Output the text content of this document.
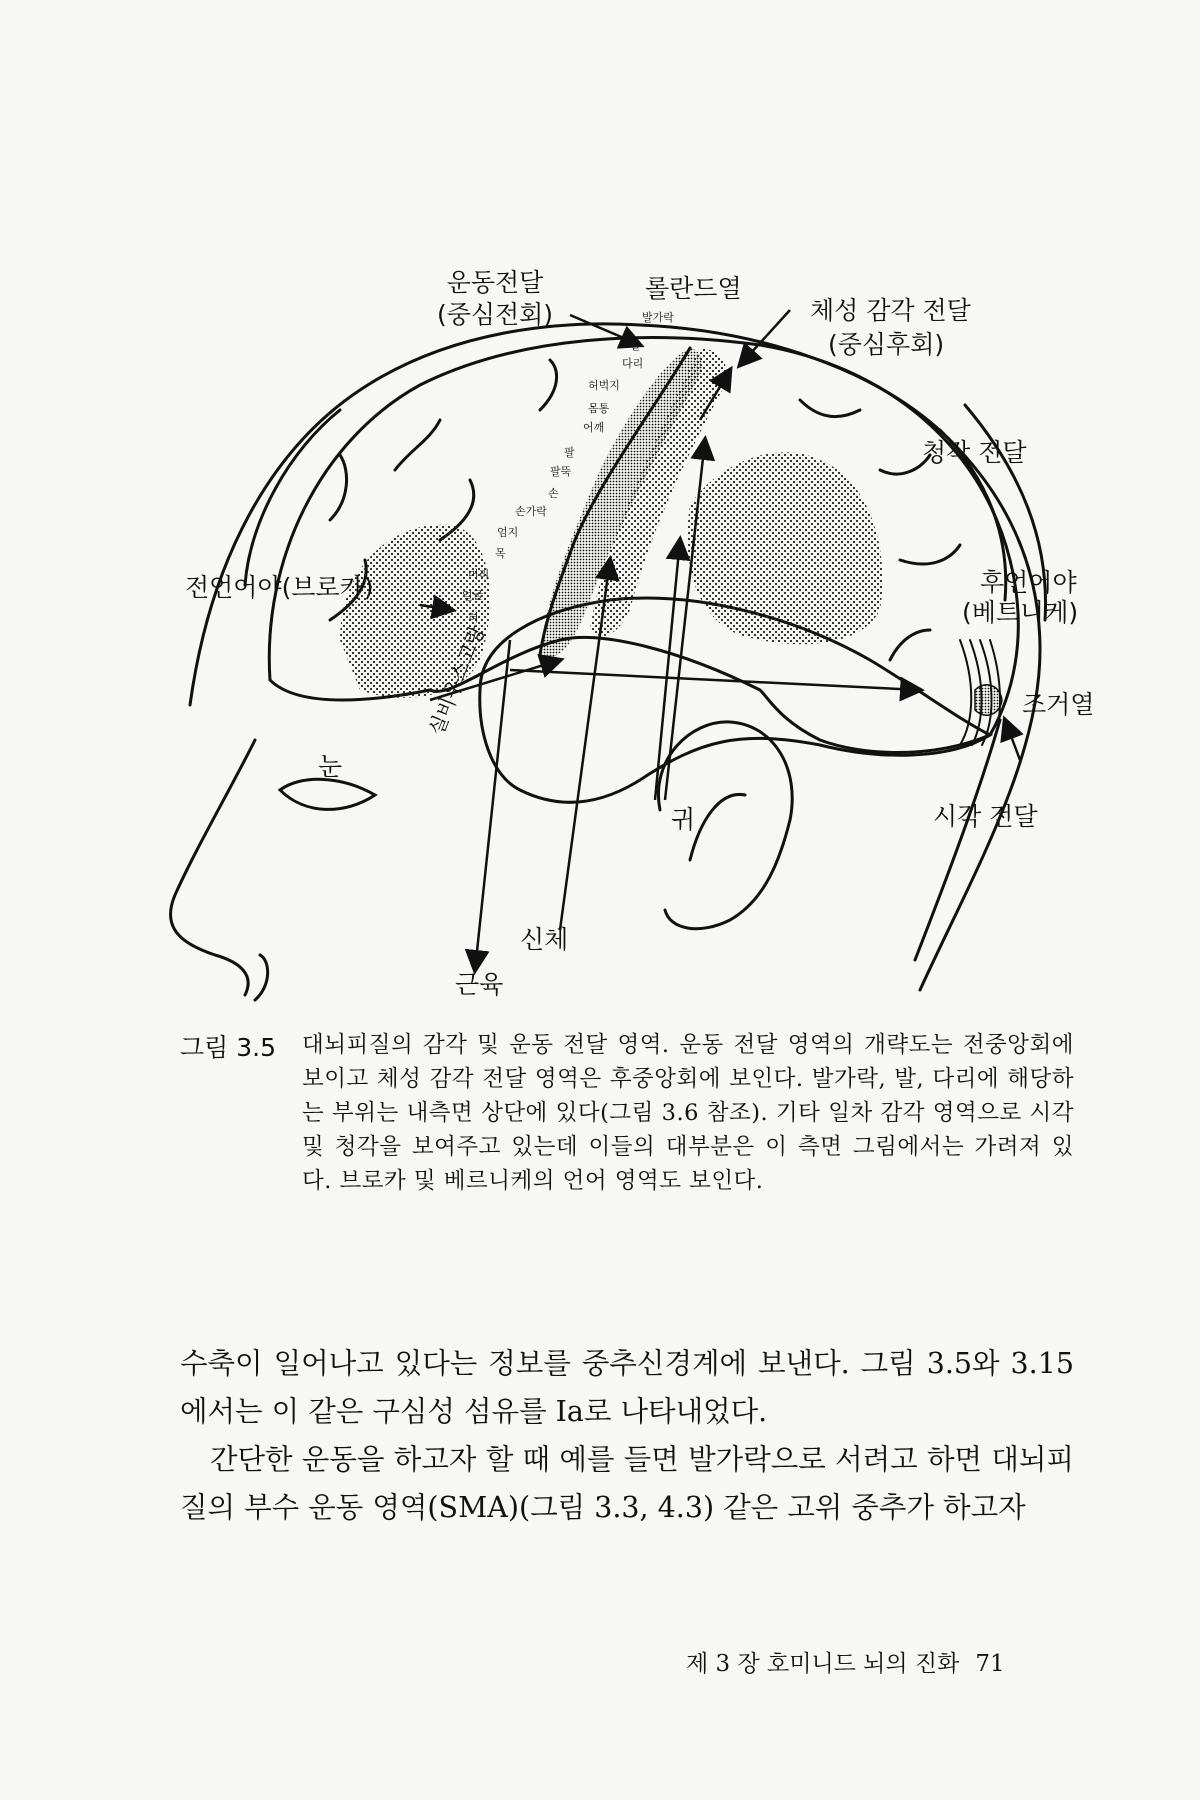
운동전달
(중심전회)
롤란드열
체성 감각 전달
(중심후회)
청각 전달
전언어야(브로카)	후언어야
(베트니케)
조거열
시각 전달
눈
귀
신체
근육
실비우스고랑
발가락
발
다리
허벅지
몸통
어깨
팔
팔뚝
손
손가락
엄지
목
머리
얼굴
혀
그림 3.5 대뇌피질의 감각 및 운동 전달 영역. 운동 전달 영역의 개략도는 전중앙회에 보이고 체성 감각 전달 영역은 후중앙회에 보인다. 발가락, 발, 다리에 해당하는 부위는 내측면 상단에 있다(그림 3.6 참조). 기타 일차 감각 영역으로 시각 및 청각을 보여주고 있는데 이들의 대부분은 이 측면 그림에서는 가려져 있다. 브로카 및 베르니케의 언어 영역도 보인다.

수축이 일어나고 있다는 정보를 중추신경계에 보낸다. 그림 3.5와 3.15에서는 이 같은 구심성 섬유를 Ia로 나타내었다.

간단한 운동을 하고자 할 때 예를 들면 발가락으로 서려고 하면 대뇌피질의 부수 운동 영역(SMA)(그림 3.3, 4.3) 같은 고위 중추가 하고자

제 3 장 호미니드 뇌의 진화 71
